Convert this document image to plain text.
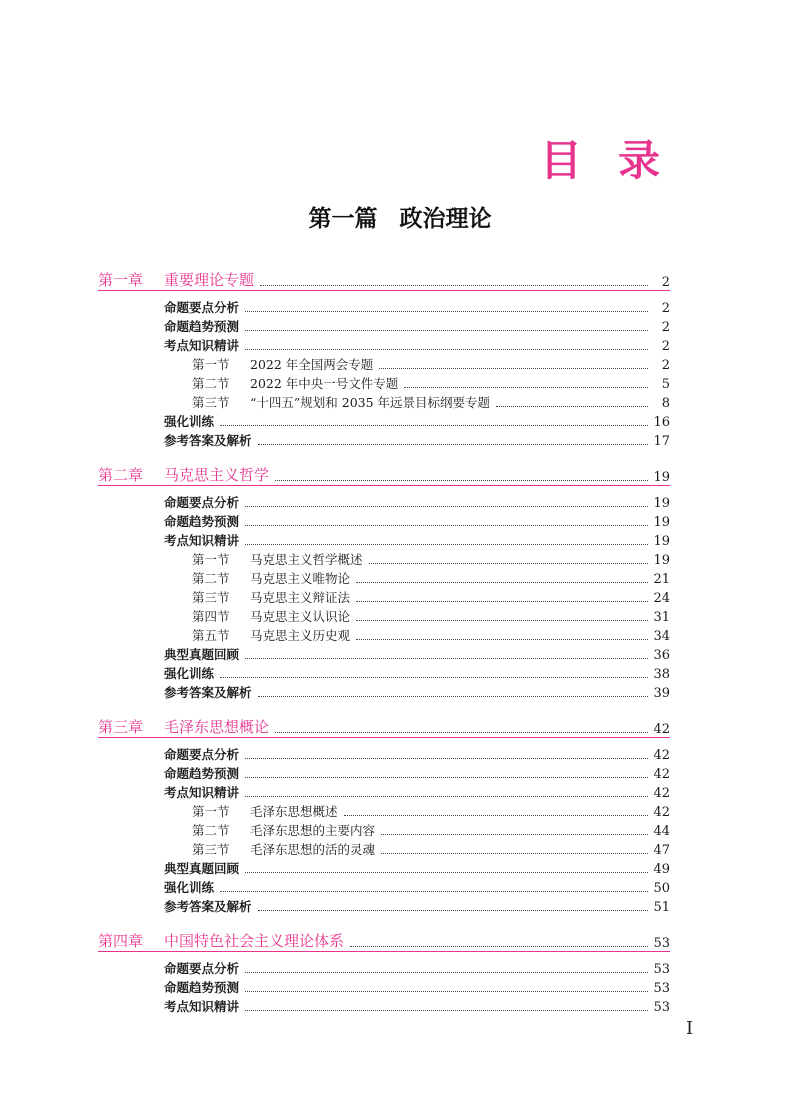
目录
第一篇 政治理论
第一章	重要理论专题	2
命题要点分析	2
命题趋势预测	2
考点知识精讲	2
第一节	2022 年全国两会专题	2
第二节	2022 年中央一号文件专题	5
第三节	“十四五”规划和 2035 年远景目标纲要专题	8
强化训练	16
参考答案及解析	17
第二章	马克思主义哲学	19
命题要点分析	19
命题趋势预测	19
考点知识精讲	19
第一节	马克思主义哲学概述	19
第二节	马克思主义唯物论	21
第三节	马克思主义辩证法	24
第四节	马克思主义认识论	31
第五节	马克思主义历史观	34
典型真题回顾	36
强化训练	38
参考答案及解析	39
第三章	毛泽东思想概论	42
命题要点分析	42
命题趋势预测	42
考点知识精讲	42
第一节	毛泽东思想概述	42
第二节	毛泽东思想的主要内容	44
第三节	毛泽东思想的活的灵魂	47
典型真题回顾	49
强化训练	50
参考答案及解析	51
第四章	中国特色社会主义理论体系	53
命题要点分析	53
命题趋势预测	53
考点知识精讲	53
I
